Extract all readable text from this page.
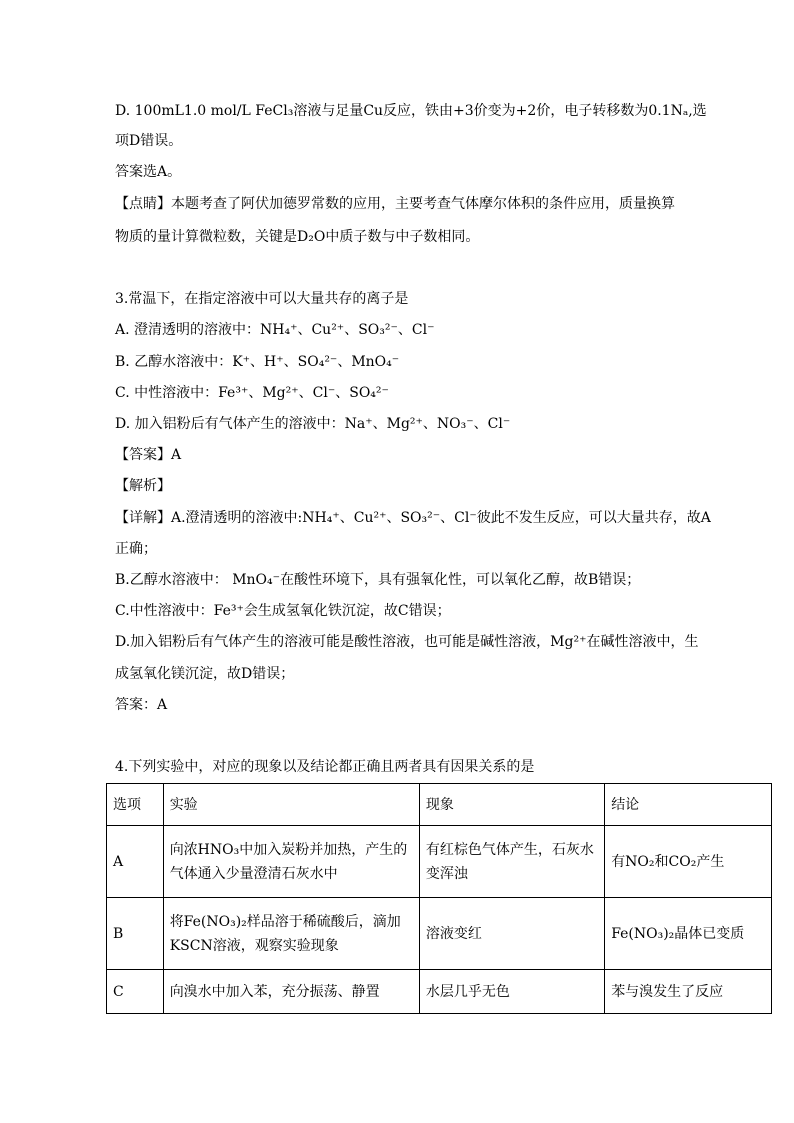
D. 100mL1.0 mol/L FeCl₃溶液与足量Cu反应，铁由+3价变为+2价，电子转移数为0.1Nₐ,选
项D错误。
答案选A。
【点睛】本题考查了阿伏加德罗常数的应用，主要考查气体摩尔体积的条件应用，质量换算
物质的量计算微粒数，关键是D₂O中质子数与中子数相同。
3.常温下，在指定溶液中可以大量共存的离子是
A. 澄清透明的溶液中：NH₄⁺、Cu²⁺、SO₃²⁻、Cl⁻
B. 乙醇水溶液中：K⁺、H⁺、SO₄²⁻、MnO₄⁻
C. 中性溶液中：Fe³⁺、Mg²⁺、Cl⁻、SO₄²⁻
D. 加入铝粉后有气体产生的溶液中：Na⁺、Mg²⁺、NO₃⁻、Cl⁻
【答案】A
【解析】
【详解】A.澄清透明的溶液中:NH₄⁺、Cu²⁺、SO₃²⁻、Cl⁻彼此不发生反应，可以大量共存，故A
正确；
B.乙醇水溶液中： MnO₄⁻在酸性环境下，具有强氧化性，可以氧化乙醇，故B错误；
C.中性溶液中：Fe³⁺会生成氢氧化铁沉淀，故C错误；
D.加入铝粉后有气体产生的溶液可能是酸性溶液，也可能是碱性溶液，Mg²⁺在碱性溶液中，生
成氢氧化镁沉淀，故D错误；
答案：A
4.下列实验中，对应的现象以及结论都正确且两者具有因果关系的是
选项	实验	现象	结论
A	向浓HNO₃中加入炭粉并加热，产生的气体通入少量澄清石灰水中	有红棕色气体产生，石灰水变浑浊	有NO₂和CO₂产生
B	将Fe(NO₃)₂样品溶于稀硫酸后，滴加KSCN溶液，观察实验现象	溶液变红	Fe(NO₃)₂晶体已变质
C	向溴水中加入苯，充分振荡、静置	水层几乎无色	苯与溴发生了反应
